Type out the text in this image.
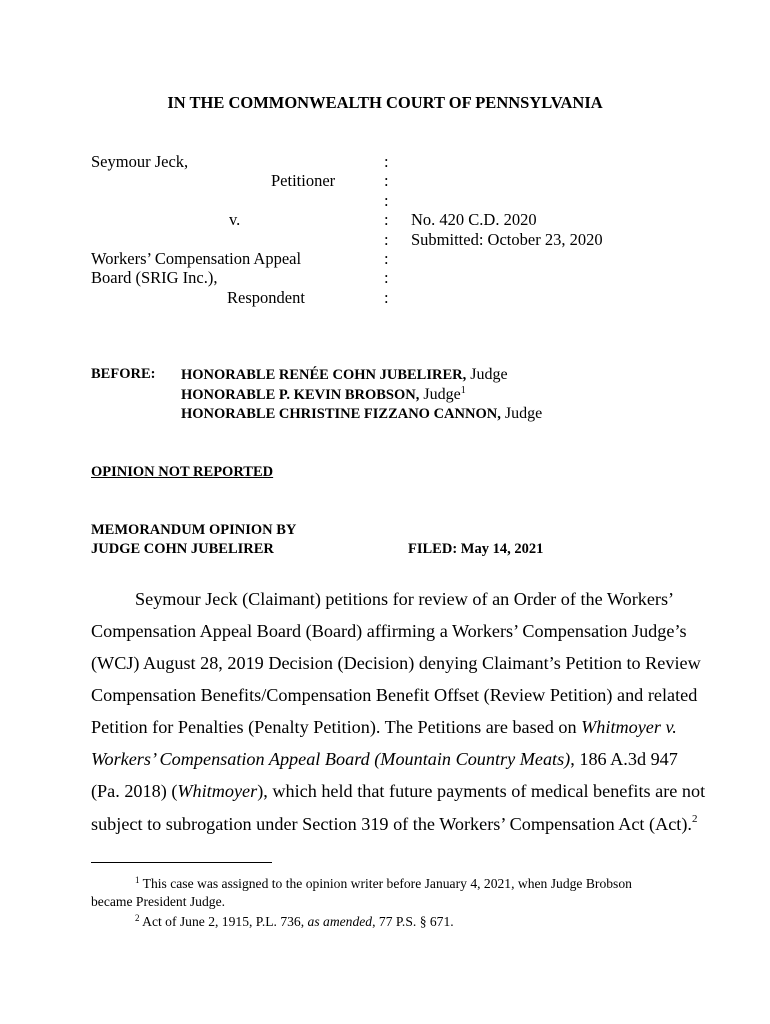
IN THE COMMONWEALTH COURT OF PENNSYLVANIA
Seymour Jeck,
Petitioner
v.
Workers’ Compensation Appeal
Board (SRIG Inc.),
Respondent
:
:
:
:
:
:
:
:
No. 420 C.D. 2020
Submitted: October 23, 2020
BEFORE: HONORABLE RENÉE COHN JUBELIRER, Judge
HONORABLE P. KEVIN BROBSON, Judge$^1$
HONORABLE CHRISTINE FIZZANO CANNON, Judge
OPINION NOT REPORTED
MEMORANDUM OPINION BY
JUDGE COHN JUBELIRER	FILED: May 14, 2021
Seymour Jeck (Claimant) petitions for review of an Order of the Workers’
Compensation Appeal Board (Board) affirming a Workers’ Compensation Judge’s
(WCJ) August 28, 2019 Decision (Decision) denying Claimant’s Petition to Review
Compensation Benefits/Compensation Benefit Offset (Review Petition) and related
Petition for Penalties (Penalty Petition). The Petitions are based on Whitmoyer v.
Workers’ Compensation Appeal Board (Mountain Country Meats), 186 A.3d 947
(Pa. 2018) (Whitmoyer), which held that future payments of medical benefits are not
subject to subrogation under Section 319 of the Workers’ Compensation Act (Act).$^2$
$^1$ This case was assigned to the opinion writer before January 4, 2021, when Judge Brobson
became President Judge.
$^2$ Act of June 2, 1915, P.L. 736, as amended, 77 P.S. § 671.
